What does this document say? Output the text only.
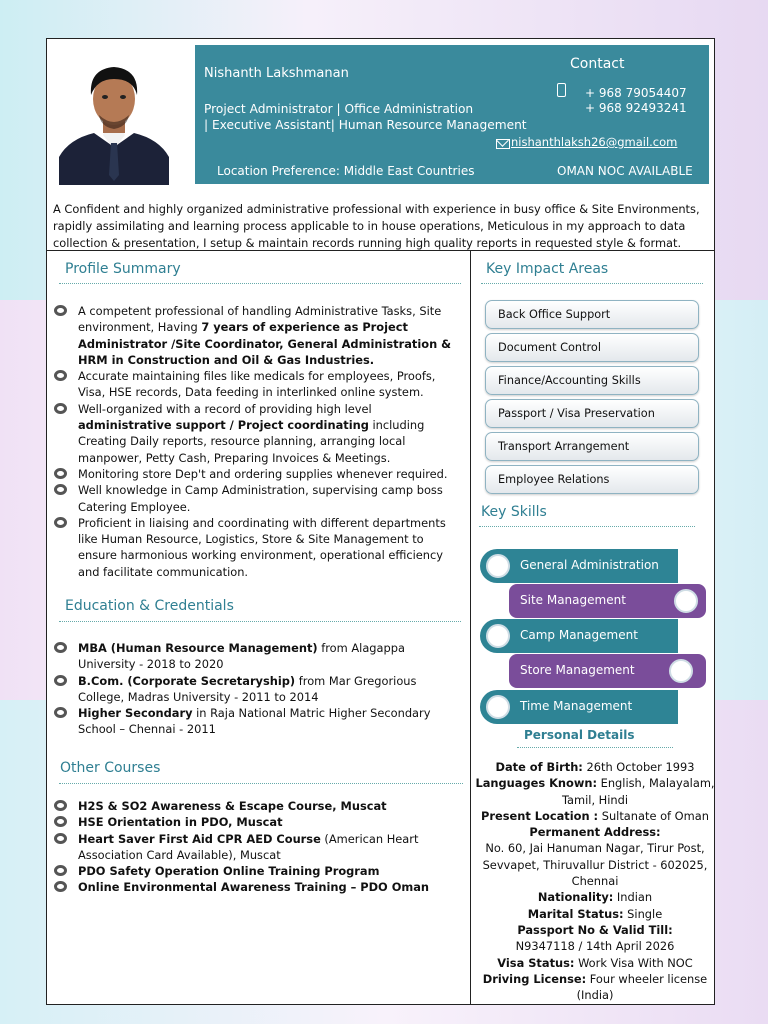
Nishanth Lakshmanan
Project Administrator | Office Administration
| Executive Assistant| Human Resource Management
Contact
+ 968 79054407
+ 968 92493241
nishanthlaksh26@gmail.com
Location Preference: Middle East Countries	OMAN NOC AVAILABLE
A Confident and highly organized administrative professional with experience in busy office & Site Environments, rapidly assimilating and learning process applicable to in house operations, Meticulous in my approach to data collection & presentation, I setup & maintain records running high quality reports in requested style & format.
Profile Summary
A competent professional of handling Administrative Tasks, Site environment, Having 7 years of experience as Project Administrator /Site Coordinator, General Administration & HRM in Construction and Oil & Gas Industries.
Accurate maintaining files like medicals for employees, Proofs, Visa, HSE records, Data feeding in interlinked online system.
Well-organized with a record of providing high level administrative support / Project coordinating including Creating Daily reports, resource planning, arranging local manpower, Petty Cash, Preparing Invoices & Meetings.
Monitoring store Dep't and ordering supplies whenever required.
Well knowledge in Camp Administration, supervising camp boss Catering Employee.
Proficient in liaising and coordinating with different departments like Human Resource, Logistics, Store & Site Management to ensure harmonious working environment, operational efficiency and facilitate communication.
Education & Credentials
MBA (Human Resource Management) from Alagappa University - 2018 to 2020
B.Com. (Corporate Secretaryship) from Mar Gregorious College, Madras University - 2011 to 2014
Higher Secondary in Raja National Matric Higher Secondary School – Chennai - 2011
Other Courses
H2S & SO2 Awareness & Escape Course, Muscat
HSE Orientation in PDO, Muscat
Heart Saver First Aid CPR AED Course (American Heart Association Card Available), Muscat
PDO Safety Operation Online Training Program
Online Environmental Awareness Training – PDO Oman
Key Impact Areas
Back Office Support
Document Control
Finance/Accounting Skills
Passport / Visa Preservation
Transport Arrangement
Employee Relations
Key Skills
General Administration
Site Management
Camp Management
Store Management
Time Management
Personal Details
Date of Birth: 26th October 1993
Languages Known: English, Malayalam, Tamil, Hindi
Present Location : Sultanate of Oman
Permanent Address:
No. 60, Jai Hanuman Nagar, Tirur Post, Sevvapet, Thiruvallur District - 602025, Chennai
Nationality: Indian
Marital Status: Single
Passport No & Valid Till:
N9347118 / 14th April 2026
Visa Status: Work Visa With NOC
Driving License: Four wheeler license (India)
